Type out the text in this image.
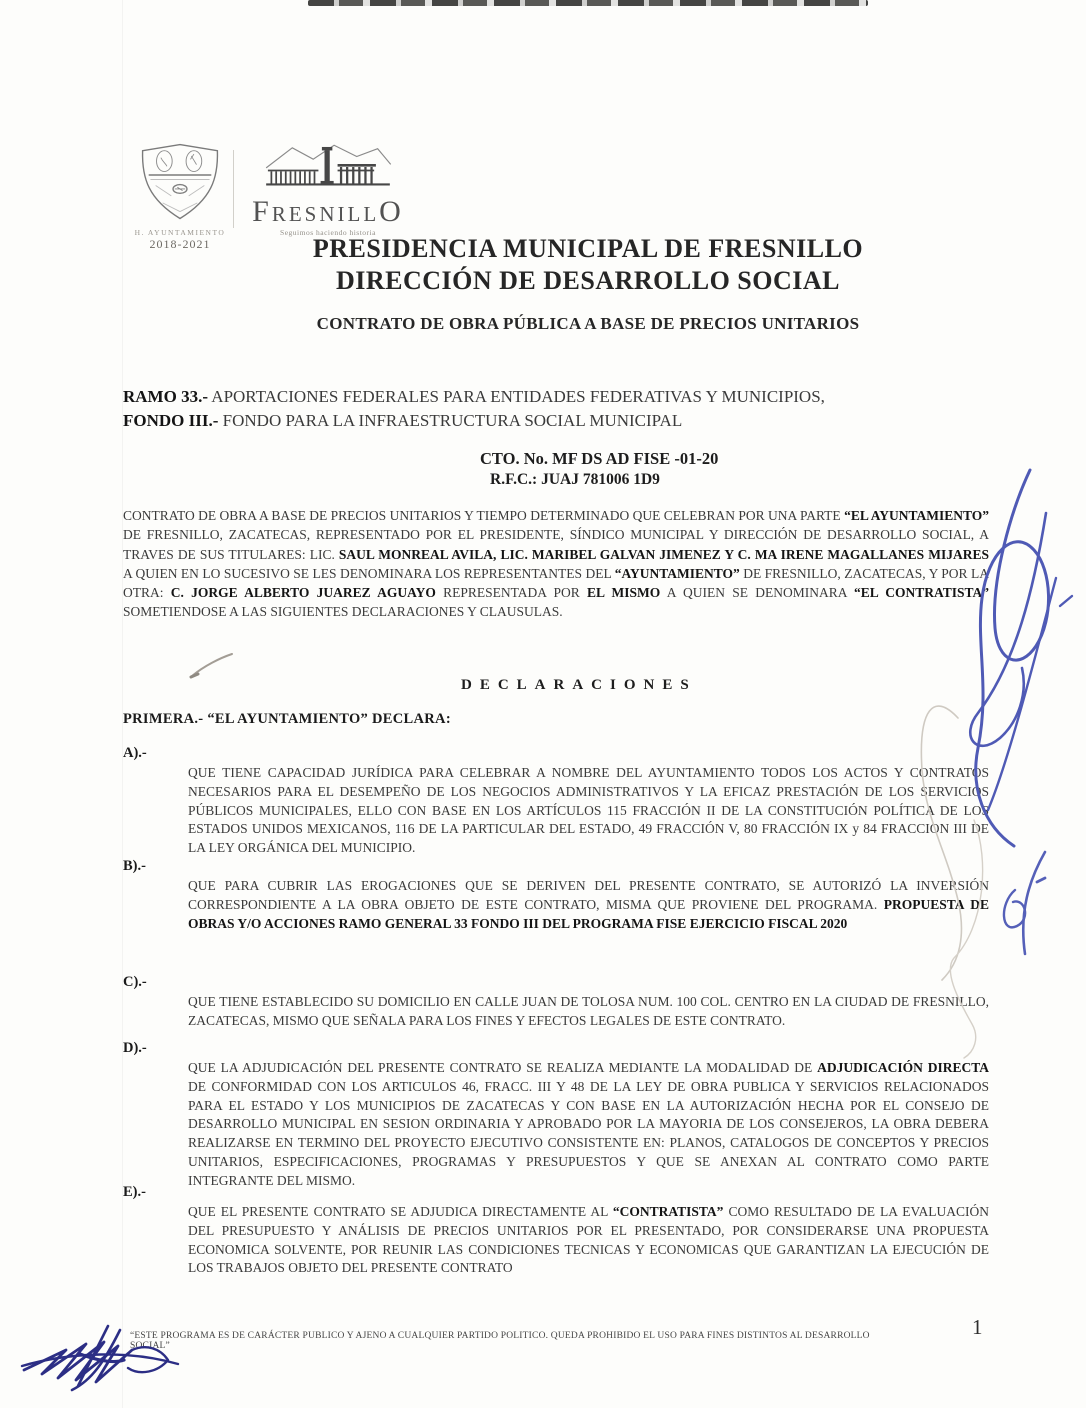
H. AYUNTAMIENTO
2018-2021
FRESNILLO
Seguimos haciendo historia
PRESIDENCIA MUNICIPAL DE FRESNILLO
DIRECCIÓN DE DESARROLLO SOCIAL
CONTRATO DE OBRA PÚBLICA A BASE DE PRECIOS UNITARIOS
RAMO 33.- APORTACIONES FEDERALES PARA ENTIDADES FEDERATIVAS Y MUNICIPIOS,
FONDO III.- FONDO PARA LA INFRAESTRUCTURA SOCIAL MUNICIPAL
CTO. No. MF DS AD FISE -01-20
R.F.C.: JUAJ 781006 1D9

CONTRATO DE OBRA A BASE DE PRECIOS UNITARIOS Y TIEMPO DETERMINADO QUE CELEBRAN POR UNA PARTE “EL AYUNTAMIENTO” DE FRESNILLO, ZACATECAS, REPRESENTADO POR EL PRESIDENTE, SÍNDICO MUNICIPAL Y DIRECCIÓN DE DESARROLLO SOCIAL, A TRAVES DE SUS TITULARES: LIC. SAUL MONREAL AVILA, LIC. MARIBEL GALVAN JIMENEZ Y C. MA IRENE MAGALLANES MIJARES A QUIEN EN LO SUCESIVO SE LES DENOMINARA LOS REPRESENTANTES DEL “AYUNTAMIENTO” DE FRESNILLO, ZACATECAS, Y POR LA OTRA: C. JORGE ALBERTO JUAREZ AGUAYO REPRESENTADA POR EL MISMO A QUIEN SE DENOMINARA “EL CONTRATISTA” SOMETIENDOSE A LAS SIGUIENTES DECLARACIONES Y CLAUSULAS.

DECLARACIONES
PRIMERA.- “EL AYUNTAMIENTO” DECLARA:
A).-

QUE TIENE CAPACIDAD JURÍDICA PARA CELEBRAR A NOMBRE DEL AYUNTAMIENTO TODOS LOS ACTOS Y CONTRATOS NECESARIOS PARA EL DESEMPEÑO DE LOS NEGOCIOS ADMINISTRATIVOS Y LA EFICAZ PRESTACIÓN DE LOS SERVICIOS PÚBLICOS MUNICIPALES, ELLO CON BASE EN LOS ARTÍCULOS 115 FRACCIÓN II DE LA CONSTITUCIÓN POLÍTICA DE LOS ESTADOS UNIDOS MEXICANOS, 116 DE LA PARTICULAR DEL ESTADO, 49 FRACCIÓN V, 80 FRACCIÓN IX y 84 FRACCION III DE LA LEY ORGÁNICA DEL MUNICIPIO.

B).-

QUE PARA CUBRIR LAS EROGACIONES QUE SE DERIVEN DEL PRESENTE CONTRATO, SE AUTORIZÓ LA INVERSIÓN CORRESPONDIENTE A LA OBRA OBJETO DE ESTE CONTRATO, MISMA QUE PROVIENE DEL PROGRAMA. PROPUESTA DE OBRAS Y/O ACCIONES RAMO GENERAL 33 FONDO III DEL PROGRAMA FISE EJERCICIO FISCAL 2020

C).-

QUE TIENE ESTABLECIDO SU DOMICILIO EN CALLE JUAN DE TOLOSA NUM. 100 COL. CENTRO EN LA CIUDAD DE FRESNILLO, ZACATECAS, MISMO QUE SEÑALA PARA LOS FINES Y EFECTOS LEGALES DE ESTE CONTRATO.

D).-

QUE LA ADJUDICACIÓN DEL PRESENTE CONTRATO SE REALIZA MEDIANTE LA MODALIDAD DE ADJUDICACIÓN DIRECTA DE CONFORMIDAD CON LOS ARTICULOS 46, FRACC. III Y 48 DE LA LEY DE OBRA PUBLICA Y SERVICIOS RELACIONADOS PARA EL ESTADO Y LOS MUNICIPIOS DE ZACATECAS Y CON BASE EN LA AUTORIZACIÓN HECHA POR EL CONSEJO DE DESARROLLO MUNICIPAL EN SESION ORDINARIA Y APROBADO POR LA MAYORIA DE LOS CONSEJEROS, LA OBRA DEBERA REALIZARSE EN TERMINO DEL PROYECTO EJECUTIVO CONSISTENTE EN: PLANOS, CATALOGOS DE CONCEPTOS Y PRECIOS UNITARIOS, ESPECIFICACIONES, PROGRAMAS Y PRESUPUESTOS Y QUE SE ANEXAN AL CONTRATO COMO PARTE INTEGRANTE DEL MISMO.

E).-

QUE EL PRESENTE CONTRATO SE ADJUDICA DIRECTAMENTE AL “CONTRATISTA” COMO RESULTADO DE LA EVALUACIÓN DEL PRESUPUESTO Y ANÁLISIS DE PRECIOS UNITARIOS POR EL PRESENTADO, POR CONSIDERARSE UNA PROPUESTA ECONOMICA SOLVENTE, POR REUNIR LAS CONDICIONES TECNICAS Y ECONOMICAS QUE GARANTIZAN LA EJECUCIÓN DE LOS TRABAJOS OBJETO DEL PRESENTE CONTRATO

“ESTE PROGRAMA ES DE CARÁCTER PUBLICO Y AJENO A CUALQUIER PARTIDO POLITICO. QUEDA PROHIBIDO EL USO PARA FINES DISTINTOS AL DESARROLLO SOCIAL”
1
